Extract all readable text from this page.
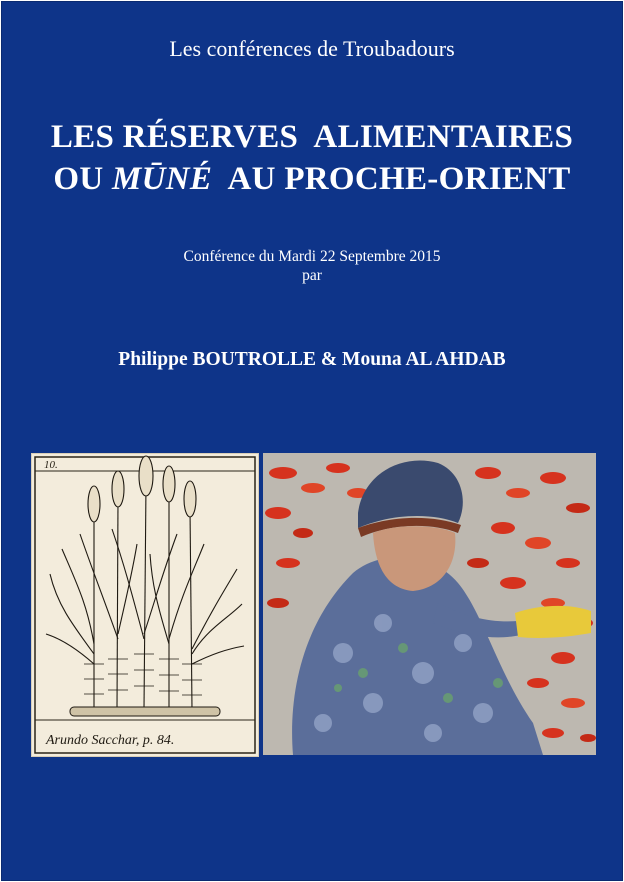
Les conférences de Troubadours
LES RÉSERVES  ALIMENTAIRES
OU MŪNÉ  AU PROCHE-ORIENT
Conférence du Mardi 22 Septembre 2015
par
Philippe BOUTROLLE & Mouna AL AHDAB
10.
Arundo Sacchar, p. 84.
